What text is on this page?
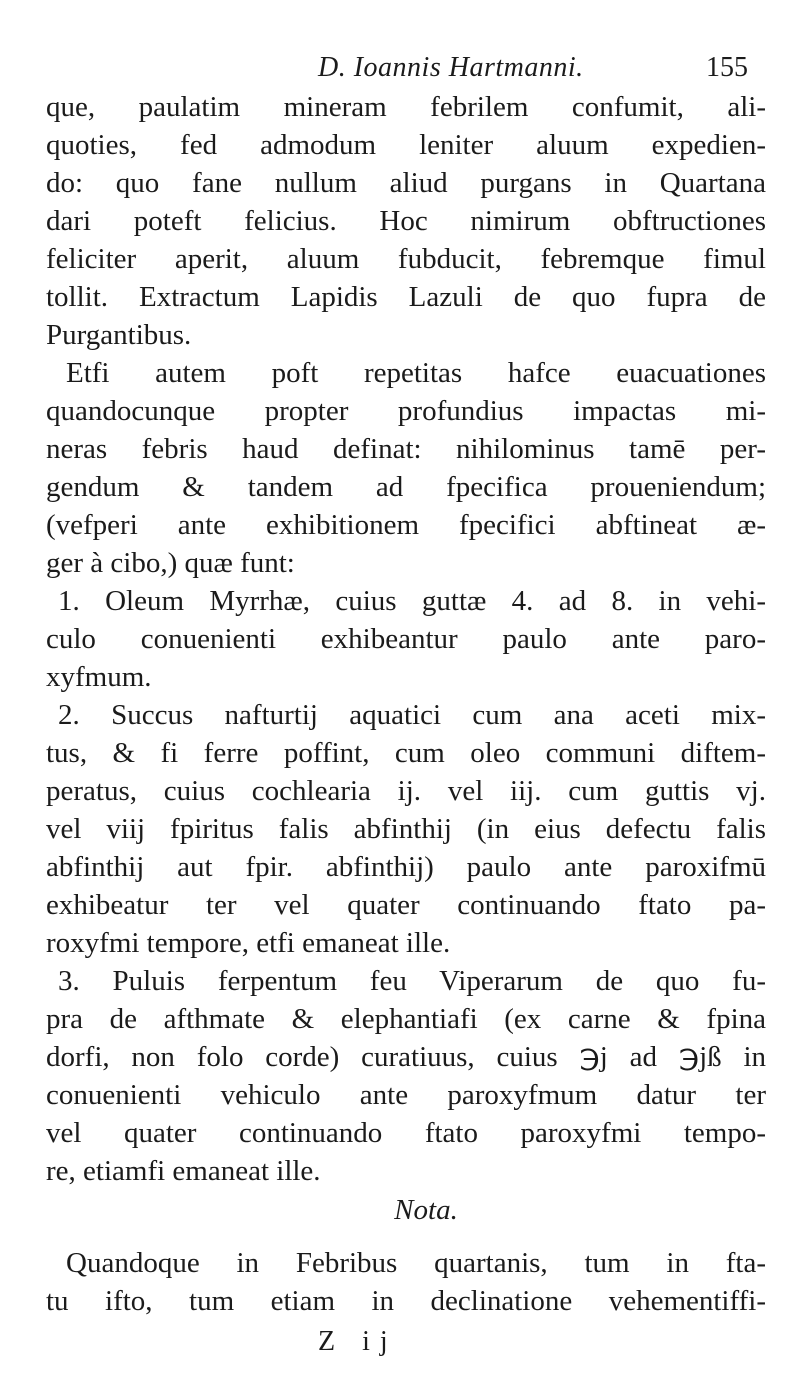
D. Ioannis Hartmanni.	155
que, paulatim mineram febrilem confumit, ali-
quoties, fed admodum leniter aluum expedien-
do: quo fane nullum aliud purgans in Quartana
dari poteft felicius. Hoc nimirum obftructiones
feliciter aperit, aluum fubducit, febremque fimul
tollit. Extractum Lapidis Lazuli de quo fupra de
Purgantibus.
Etfi autem poft repetitas hafce euacuationes
quandocunque propter profundius impactas mi-
neras febris haud definat: nihilominus tamē per-
gendum & tandem ad fpecifica prouenien​dum;
(vefperi ante exhibitionem fpecifici abftineat æ-
ger à cibo,) quæ funt:
1. Oleum Myrrhæ, cuius guttæ 4. ad 8. in vehi-
culo conuenienti exhibeantur paulo ante paro-
xyfmum.
2. Succus nafturtij aquatici cum ana aceti mix-
tus, & fi ferre poffint, cum oleo communi diftem-
peratus, cuius cochlearia ij. vel iij. cum guttis vj.
vel viij fpiritus falis abfinthij (in eius defectu falis
abfinthij aut fpir. abfinthij) paulo ante paroxifmū
exhibeatur ter vel quater continuando ftato pa-
roxyfmi tempore, etfi emaneat ille.
3. Puluis ferpentum feu Viperarum de quo fu-
pra de afthmate & elephantiafi (ex carne & fpina
dorfi, non folo corde) curatiuus, cuius ℈j ad ℈jß in
conuenienti vehiculo ante paroxyfmum datur ter
vel quater continuando ftato paroxyfmi tempo-
re, etiamfi emaneat ille.
Nota.
Quandoque in Febribus quartanis, tum in fta-
tu ifto, tum etiam in declinatione vehementiffi-
Z ij
